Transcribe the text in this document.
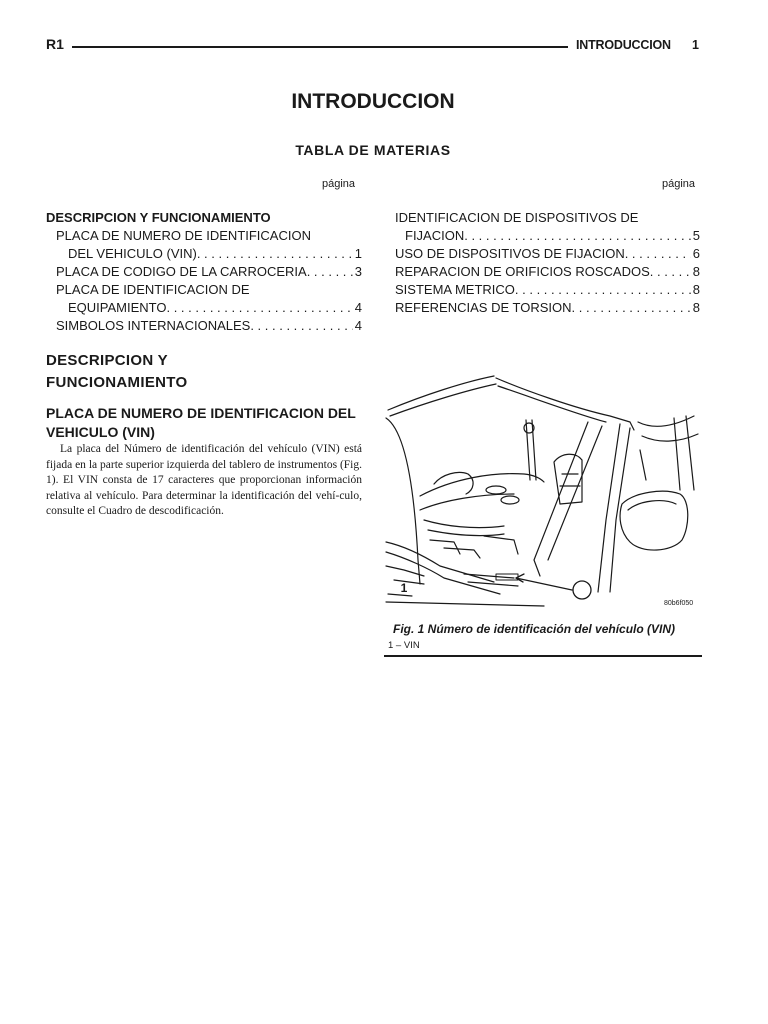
R1	INTRODUCCION 1
INTRODUCCION
TABLA DE MATERIAS
página	página
DESCRIPCION Y FUNCIONAMIENTO
PLACA DE NUMERO DE IDENTIFICACION
DEL VEHICULO (VIN) . . .	1
PLACA DE CODIGO DE LA CARROCERIA . . .	3
PLACA DE IDENTIFICACION DE
EQUIPAMIENTO . . .	4
SIMBOLOS INTERNACIONALES . . .	4
IDENTIFICACION DE DISPOSITIVOS DE
FIJACION . . .	5
USO DE DISPOSITIVOS DE FIJACION . . .	6
REPARACION DE ORIFICIOS ROSCADOS . . .	8
SISTEMA METRICO . . .	8
REFERENCIAS DE TORSION . . .	8
DESCRIPCION Y
FUNCIONAMIENTO
PLACA DE NUMERO DE IDENTIFICACION DEL
VEHICULO (VIN)
La placa del Número de identificación del vehículo (VIN) está fijada en la parte superior izquierda del tablero de instrumentos (Fig. 1). El VIN consta de 17 caracteres que proporcionan información relativa al vehículo. Para determinar la identificación del vehí-culo, consulte el Cuadro de descodificación.
1
80b6f050
Fig. 1 Número de identificación del vehículo (VIN)
1 – VIN
